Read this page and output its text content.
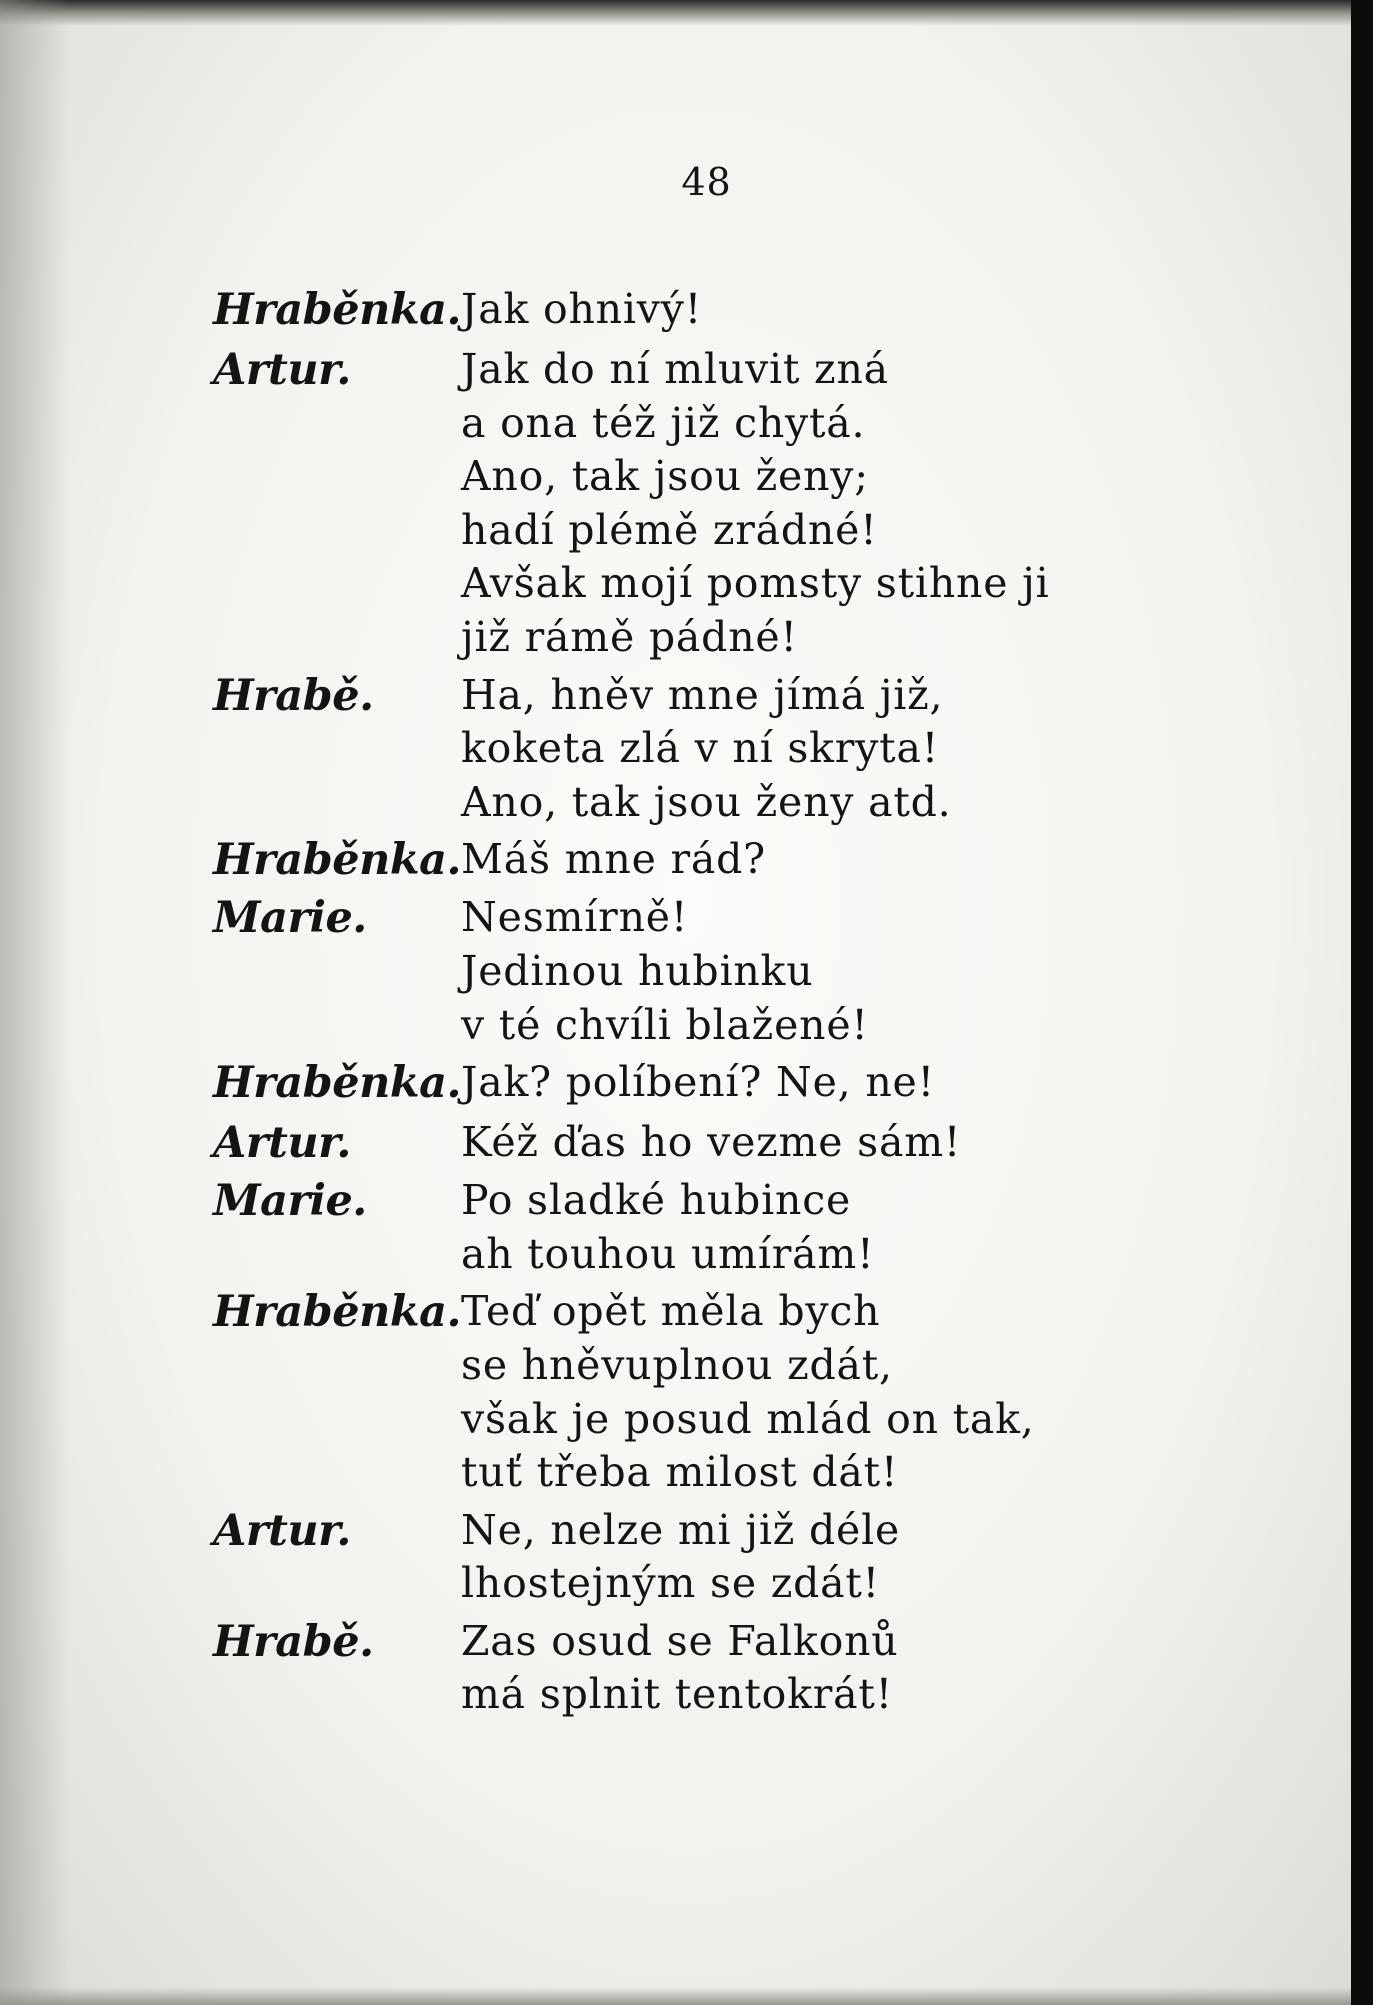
48
Hraběnka. Jak ohnivý!
Artur.	Jak do ní mluvit zná
a ona též již chytá.
Ano, tak jsou ženy;
hadí plémě zrádné!
Avšak mojí pomsty stihne ji
již rámě pádné!
Hrabě.	Ha, hněv mne jímá již,
koketa zlá v ní skryta!
Ano, tak jsou ženy atd.
Hraběnka. Máš mne rád?
Marie.	Nesmírně!
Jedinou hubinku
v té chvíli blažené!
Hraběnka. Jak? políbení? Ne, ne!
Artur.	Kéž ďas ho vezme sám!
Marie.	Po sladké hubince
ah touhou umírám!
Hraběnka. Teď opět měla bych
se hněvuplnou zdát,
však je posud mlád on tak,
tuť třeba milost dát!
Artur.	Ne, nelze mi již déle
lhostejným se zdát!
Hrabě.	Zas osud se Falkonů
má splnit tentokrát!
